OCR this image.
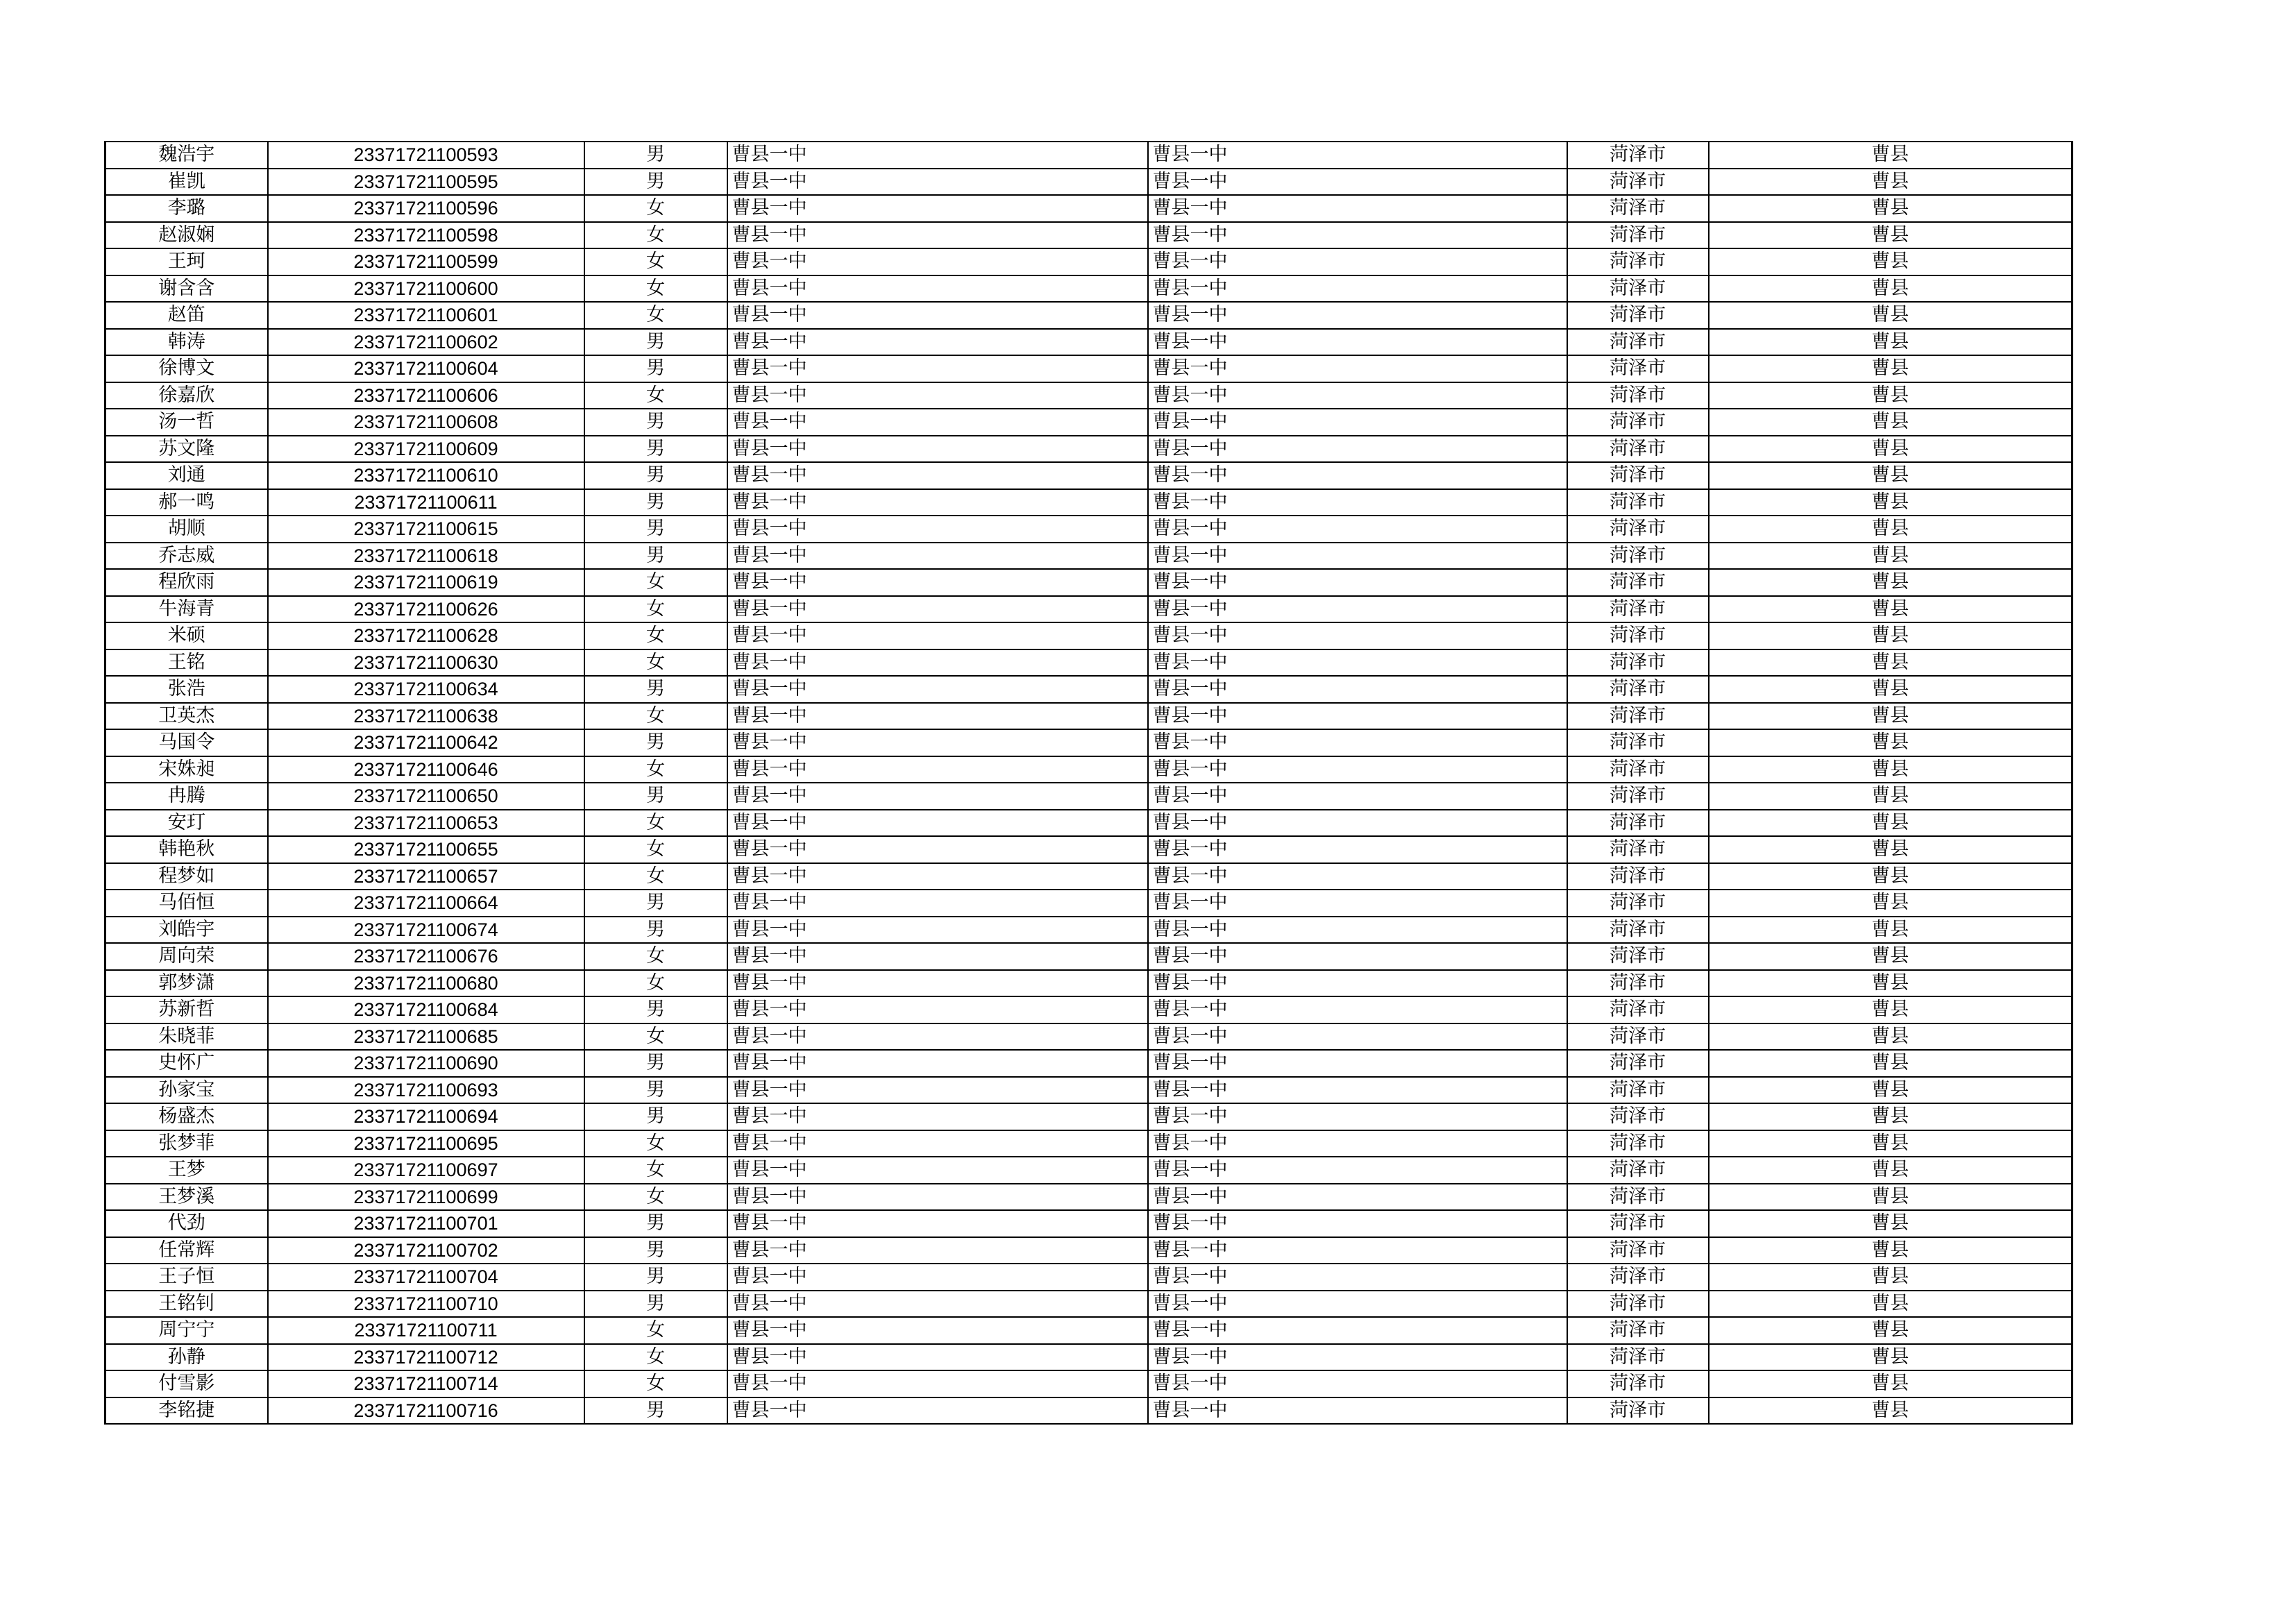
魏浩宇	23371721100593	男	曹县一中	曹县一中	菏泽市	曹县
崔凯	23371721100595	男	曹县一中	曹县一中	菏泽市	曹县
李璐	23371721100596	女	曹县一中	曹县一中	菏泽市	曹县
赵淑娴	23371721100598	女	曹县一中	曹县一中	菏泽市	曹县
王珂	23371721100599	女	曹县一中	曹县一中	菏泽市	曹县
谢含含	23371721100600	女	曹县一中	曹县一中	菏泽市	曹县
赵笛	23371721100601	女	曹县一中	曹县一中	菏泽市	曹县
韩涛	23371721100602	男	曹县一中	曹县一中	菏泽市	曹县
徐博文	23371721100604	男	曹县一中	曹县一中	菏泽市	曹县
徐嘉欣	23371721100606	女	曹县一中	曹县一中	菏泽市	曹县
汤一哲	23371721100608	男	曹县一中	曹县一中	菏泽市	曹县
苏文隆	23371721100609	男	曹县一中	曹县一中	菏泽市	曹县
刘通	23371721100610	男	曹县一中	曹县一中	菏泽市	曹县
郝一鸣	23371721100611	男	曹县一中	曹县一中	菏泽市	曹县
胡顺	23371721100615	男	曹县一中	曹县一中	菏泽市	曹县
乔志威	23371721100618	男	曹县一中	曹县一中	菏泽市	曹县
程欣雨	23371721100619	女	曹县一中	曹县一中	菏泽市	曹县
牛海青	23371721100626	女	曹县一中	曹县一中	菏泽市	曹县
米硕	23371721100628	女	曹县一中	曹县一中	菏泽市	曹县
王铭	23371721100630	女	曹县一中	曹县一中	菏泽市	曹县
张浩	23371721100634	男	曹县一中	曹县一中	菏泽市	曹县
卫英杰	23371721100638	女	曹县一中	曹县一中	菏泽市	曹县
马国令	23371721100642	男	曹县一中	曹县一中	菏泽市	曹县
宋姝昶	23371721100646	女	曹县一中	曹县一中	菏泽市	曹县
冉腾	23371721100650	男	曹县一中	曹县一中	菏泽市	曹县
安玎	23371721100653	女	曹县一中	曹县一中	菏泽市	曹县
韩艳秋	23371721100655	女	曹县一中	曹县一中	菏泽市	曹县
程梦如	23371721100657	女	曹县一中	曹县一中	菏泽市	曹县
马佰恒	23371721100664	男	曹县一中	曹县一中	菏泽市	曹县
刘皓宇	23371721100674	男	曹县一中	曹县一中	菏泽市	曹县
周向荣	23371721100676	女	曹县一中	曹县一中	菏泽市	曹县
郭梦潇	23371721100680	女	曹县一中	曹县一中	菏泽市	曹县
苏新哲	23371721100684	男	曹县一中	曹县一中	菏泽市	曹县
朱晓菲	23371721100685	女	曹县一中	曹县一中	菏泽市	曹县
史怀广	23371721100690	男	曹县一中	曹县一中	菏泽市	曹县
孙家宝	23371721100693	男	曹县一中	曹县一中	菏泽市	曹县
杨盛杰	23371721100694	男	曹县一中	曹县一中	菏泽市	曹县
张梦菲	23371721100695	女	曹县一中	曹县一中	菏泽市	曹县
王梦	23371721100697	女	曹县一中	曹县一中	菏泽市	曹县
王梦溪	23371721100699	女	曹县一中	曹县一中	菏泽市	曹县
代劲	23371721100701	男	曹县一中	曹县一中	菏泽市	曹县
任常辉	23371721100702	男	曹县一中	曹县一中	菏泽市	曹县
王子恒	23371721100704	男	曹县一中	曹县一中	菏泽市	曹县
王铭钊	23371721100710	男	曹县一中	曹县一中	菏泽市	曹县
周宁宁	23371721100711	女	曹县一中	曹县一中	菏泽市	曹县
孙静	23371721100712	女	曹县一中	曹县一中	菏泽市	曹县
付雪影	23371721100714	女	曹县一中	曹县一中	菏泽市	曹县
李铭捷	23371721100716	男	曹县一中	曹县一中	菏泽市	曹县
